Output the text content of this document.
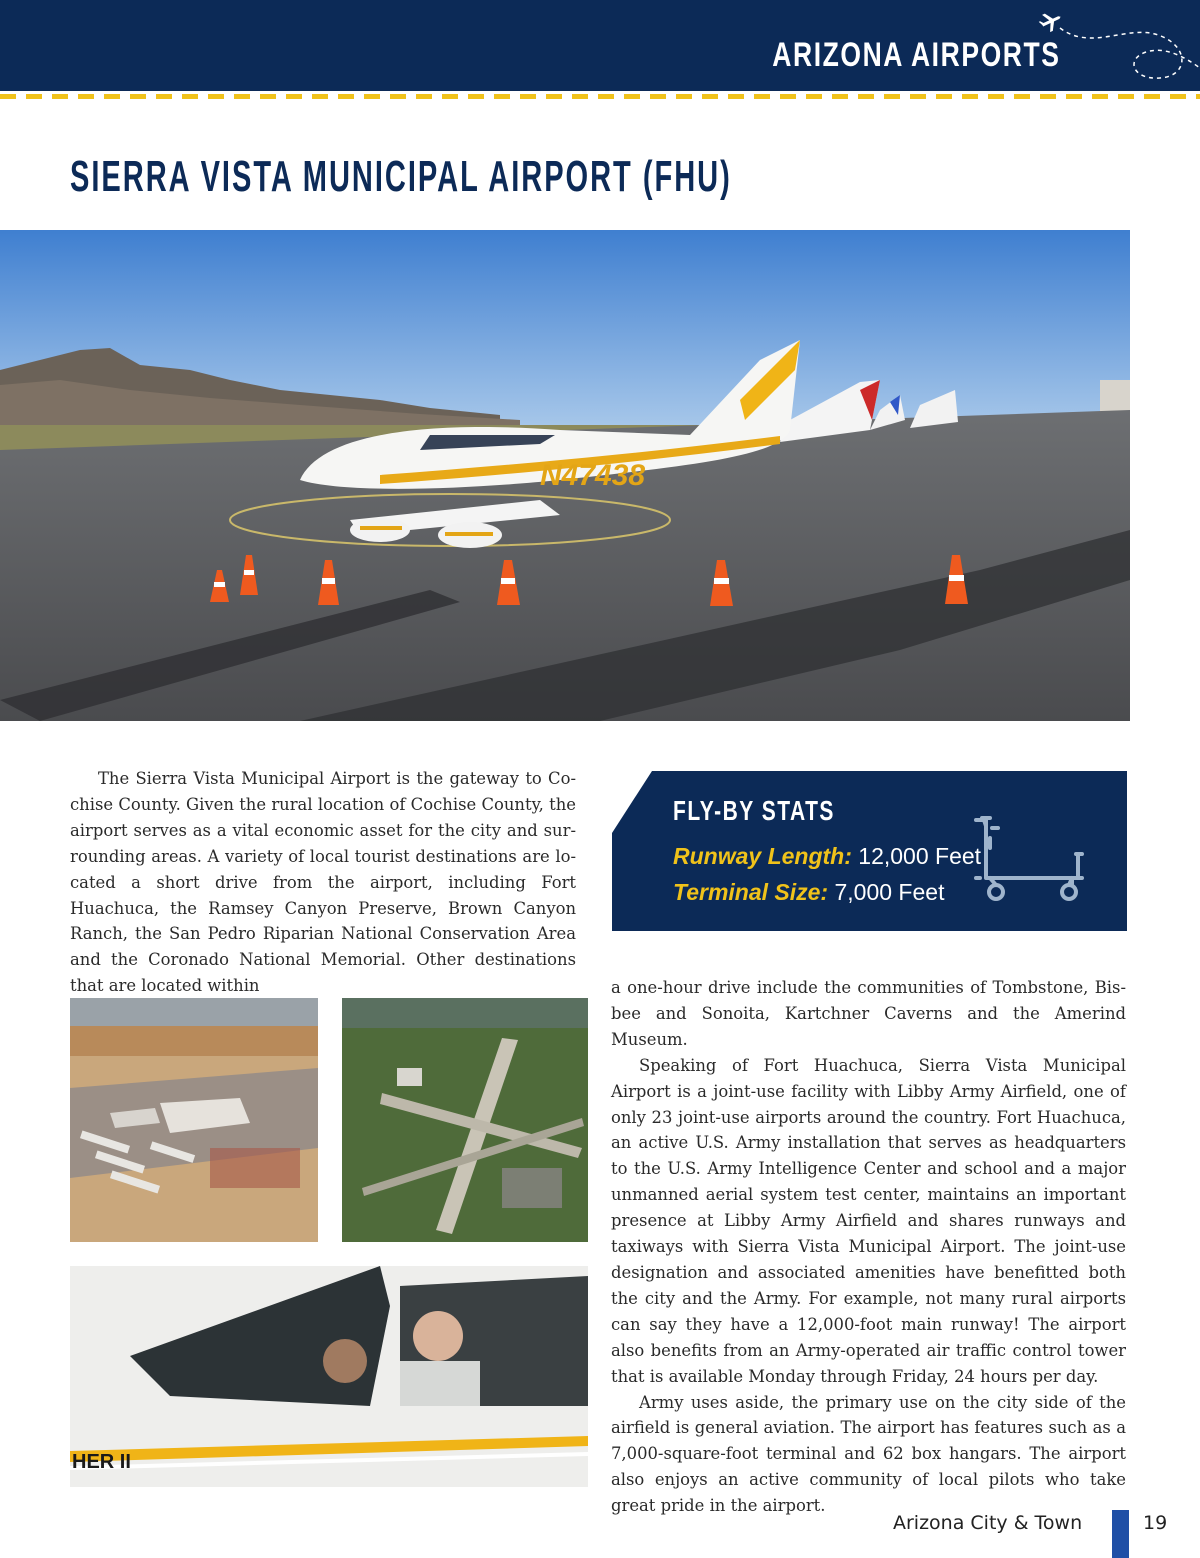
ARIZONA AIRPORTS
SIERRA VISTA MUNICIPAL AIRPORT (FHU)
N47438

The Sierra Vista Municipal Airport is the gateway to Cochise County. Given the rural location of Cochise County, the airport serves as a vital economic asset for the city and surrounding areas. A variety of local tourist destinations are located a short drive from the airport, including Fort Huachuca, the Ramsey Canyon Preserve, Brown Canyon Ranch, the San Pedro Riparian National Conservation Area and the Coronado National Memorial. Other destinations that are located within

FLY-BY STATS
Runway Length: 12,000 Feet
Terminal Size: 7,000 Feet
HER II

a one-hour drive include the communities of Tombstone, Bisbee and Sonoita, Kartchner Caverns and the Amerind Museum.

Speaking of Fort Huachuca, Sierra Vista Municipal Airport is a joint-use facility with Libby Army Airfield, one of only 23 joint-use airports around the country. Fort Huachuca, an active U.S. Army installation that serves as headquarters to the U.S. Army Intelligence Center and school and a major unmanned aerial system test center, maintains an important presence at Libby Army Airfield and shares runways and taxiways with Sierra Vista Municipal Airport. The joint-use designation and associated amenities have benefitted both the city and the Army. For example, not many rural airports can say they have a 12,000-foot main runway! The airport also benefits from an Army-operated air traffic control tower that is available Monday through Friday, 24 hours per day.

Army uses aside, the primary use on the city side of the airfield is general aviation. The airport has features such as a 7,000-square-foot terminal and 62 box hangars. The airport also enjoys an active community of local pilots who take great pride in the airport.

Arizona City & Town	19
